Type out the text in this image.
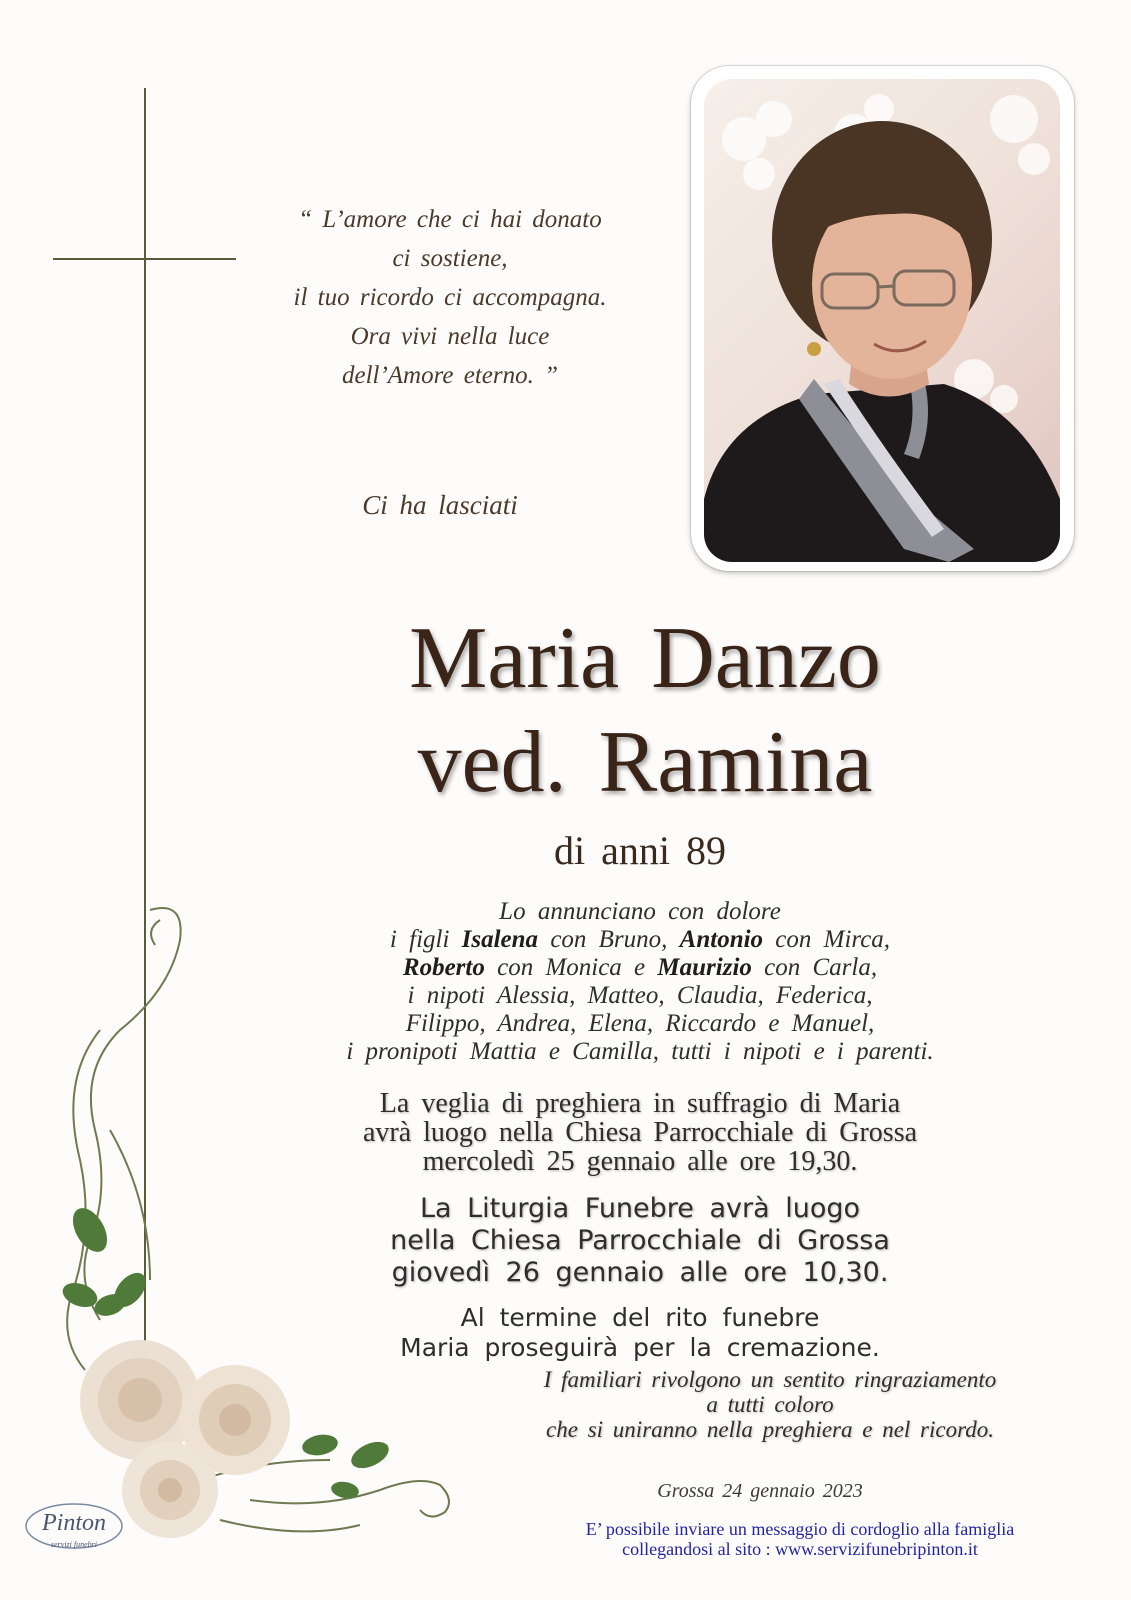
“ L’amore che ci hai donato
ci sostiene,
il tuo ricordo ci accompagna.
Ora vivi nella luce
dell’Amore eterno. ”
Ci ha lasciati
Maria Danzo
ved. Ramina
di anni 89
Lo annunciano con dolore
i figli Isalena con Bruno, Antonio con Mirca,
Roberto con Monica e Maurizio con Carla,
i nipoti Alessia, Matteo, Claudia, Federica,
Filippo, Andrea, Elena, Riccardo e Manuel,
i pronipoti Mattia e Camilla, tutti i nipoti e i parenti.
La veglia di preghiera in suffragio di Maria
avrà luogo nella Chiesa Parrocchiale di Grossa
mercoledì 25 gennaio alle ore 19,30.
La Liturgia Funebre avrà luogo
nella Chiesa Parrocchiale di Grossa
giovedì 26 gennaio alle ore 10,30.
Al termine del rito funebre
Maria proseguirà per la cremazione.
I familiari rivolgono un sentito ringraziamento
a tutti coloro
che si uniranno nella preghiera e nel ricordo.
Grossa 24 gennaio 2023
E’ possibile inviare un messaggio di cordoglio alla famiglia
collegandosi al sito : www.servizifunebripinton.it
Pinton
servizi funebri
